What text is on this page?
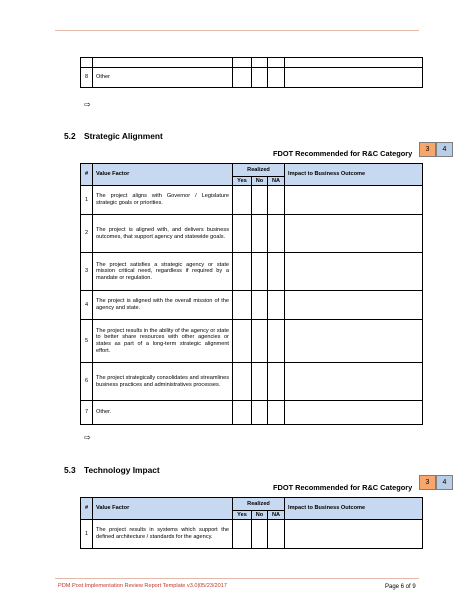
8	Other				
⇨
5.2 Strategic Alignment
FDOT Recommended for R&C Category	3	4
#	Value Factor	Realized			Impact to Business Outcome
		Yes	No	NA	
1	The project aligns with Governor / Legislature strategic goals or priorities.				
2	The project is aligned with, and delivers business outcomes, that support agency and statewide goals.				
3	The project satisfies a strategic agency or state mission critical need, regardless if required by a mandate or regulation.				
4	The project is aligned with the overall mission of the agency and state.				
5	The project results in the ability of the agency or state to better share resources with other agencies or states as part of a long-term strategic alignment effort.				
6	The project strategically consolidates and streamlines business practices and administratives processes.				
7	Other.				
⇨
5.3 Technology Impact
FDOT Recommended for R&C Category
3	4
#	Value Factor	Realized			Impact to Business Outcome
		Yes	No	NA	
1	The project results in systems which support the defined architecture / standards for the agency.				
PDM Post Implementation Review Report Template v3.0|05/23/2017	Page 6 of 9
